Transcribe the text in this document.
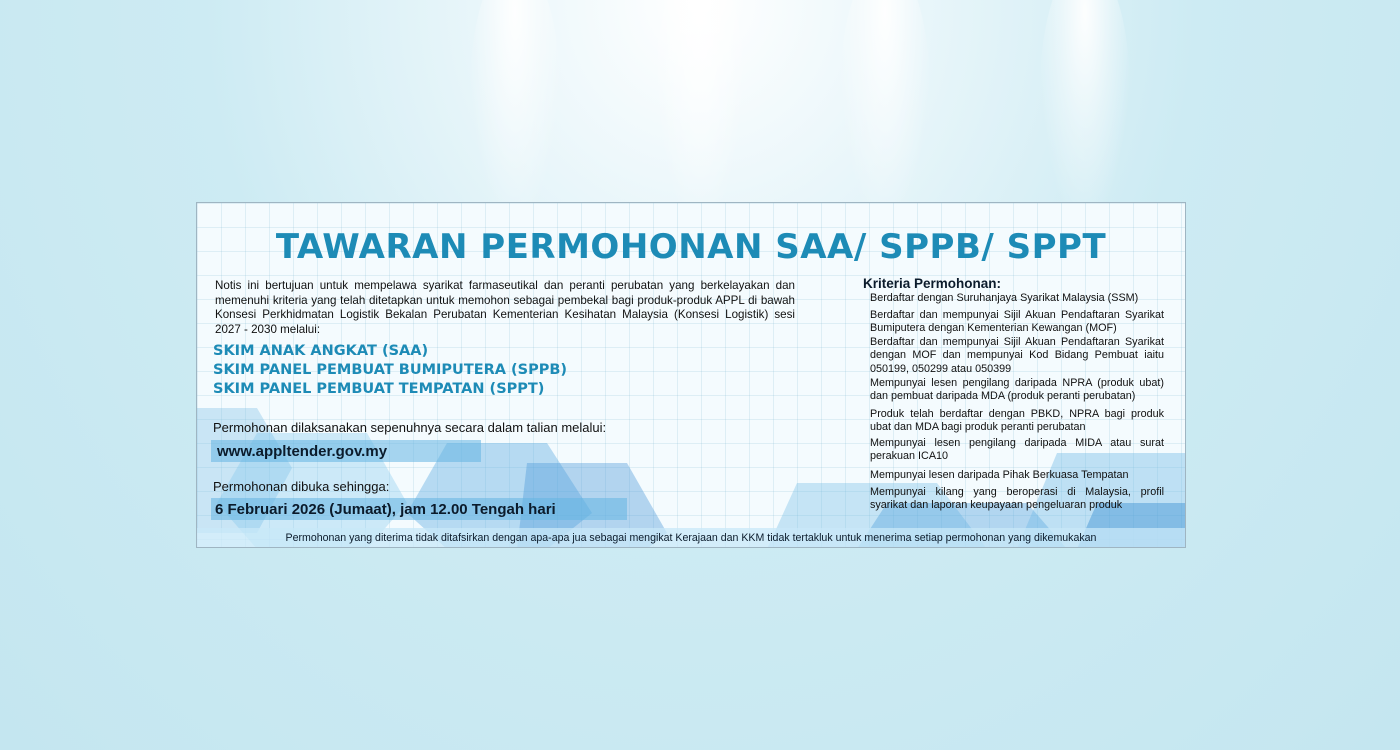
TAWARAN PERMOHONAN SAA/ SPPB/ SPPT
Notis ini bertujuan untuk mempelawa syarikat farmaseutikal dan peranti perubatan yang berkelayakan dan memenuhi kriteria yang telah ditetapkan untuk memohon sebagai pembekal bagi produk-produk APPL di bawah Konsesi Perkhidmatan Logistik Bekalan Perubatan Kementerian Kesihatan Malaysia (Konsesi Logistik) sesi 2027 - 2030 melalui:
SKIM ANAK ANGKAT (SAA)
SKIM PANEL PEMBUAT BUMIPUTERA (SPPB)
SKIM PANEL PEMBUAT TEMPATAN (SPPT)
Permohonan dilaksanakan sepenuhnya secara dalam talian melalui:
www.appltender.gov.my
Permohonan dibuka sehingga:
6 Februari 2026 (Jumaat), jam 12.00 Tengah hari
Kriteria Permohonan:
Berdaftar dengan Suruhanjaya Syarikat Malaysia (SSM)
Berdaftar dan mempunyai Sijil Akuan Pendaftaran Syarikat Bumiputera dengan Kementerian Kewangan (MOF)
Berdaftar dan mempunyai Sijil Akuan Pendaftaran Syarikat dengan MOF dan mempunyai Kod Bidang Pembuat iaitu 050199, 050299 atau 050399
Mempunyai lesen pengilang daripada NPRA (produk ubat) dan pembuat daripada MDA (produk peranti perubatan)
Produk telah berdaftar dengan PBKD, NPRA bagi produk ubat dan MDA bagi produk peranti perubatan
Mempunyai lesen pengilang daripada MIDA atau surat perakuan ICA10
Mempunyai lesen daripada Pihak Berkuasa Tempatan
Mempunyai kilang yang beroperasi di Malaysia, profil syarikat dan laporan keupayaan pengeluaran produk
Permohonan yang diterima tidak ditafsirkan dengan apa-apa jua sebagai mengikat Kerajaan dan KKM tidak tertakluk untuk menerima setiap permohonan yang dikemukakan
